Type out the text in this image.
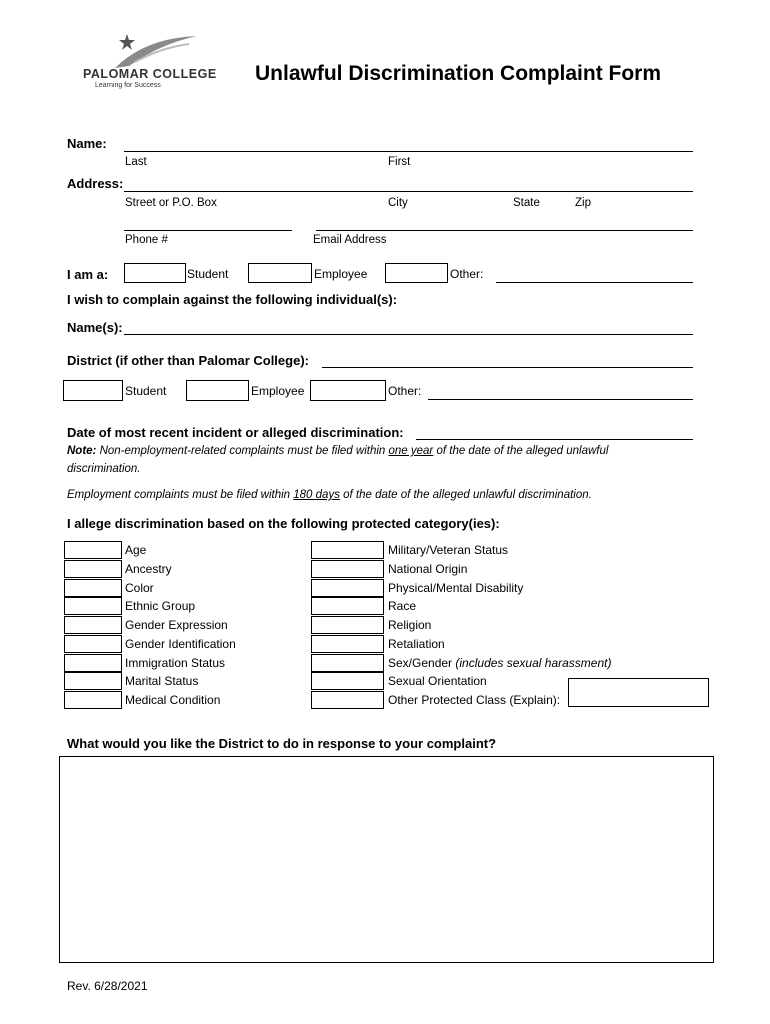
PALOMAR COLLEGE
Learning for Success
Unlawful Discrimination Complaint Form
Name:
Last	First
Address:
Street or P.O. Box	City	State	Zip
Phone #	Email Address
I am a:	Student	Employee	Other:
I wish to complain against the following individual(s):
Name(s):
District (if other than Palomar College):
Student	Employee	Other:
Date of most recent incident or alleged discrimination:
Note: Non-employment-related complaints must be filed within one year of the date of the alleged unlawful
discrimination.
Employment complaints must be filed within 180 days of the date of the alleged unlawful discrimination.
I allege discrimination based on the following protected category(ies):
Age
Ancestry
Color
Ethnic Group
Gender Expression
Gender Identification
Immigration Status
Marital Status
Medical Condition
Military/Veteran Status
National Origin
Physical/Mental Disability
Race
Religion
Retaliation
Sex/Gender (includes sexual harassment)
Sexual Orientation
Other Protected Class (Explain):
What would you like the District to do in response to your complaint?
Rev. 6/28/2021
